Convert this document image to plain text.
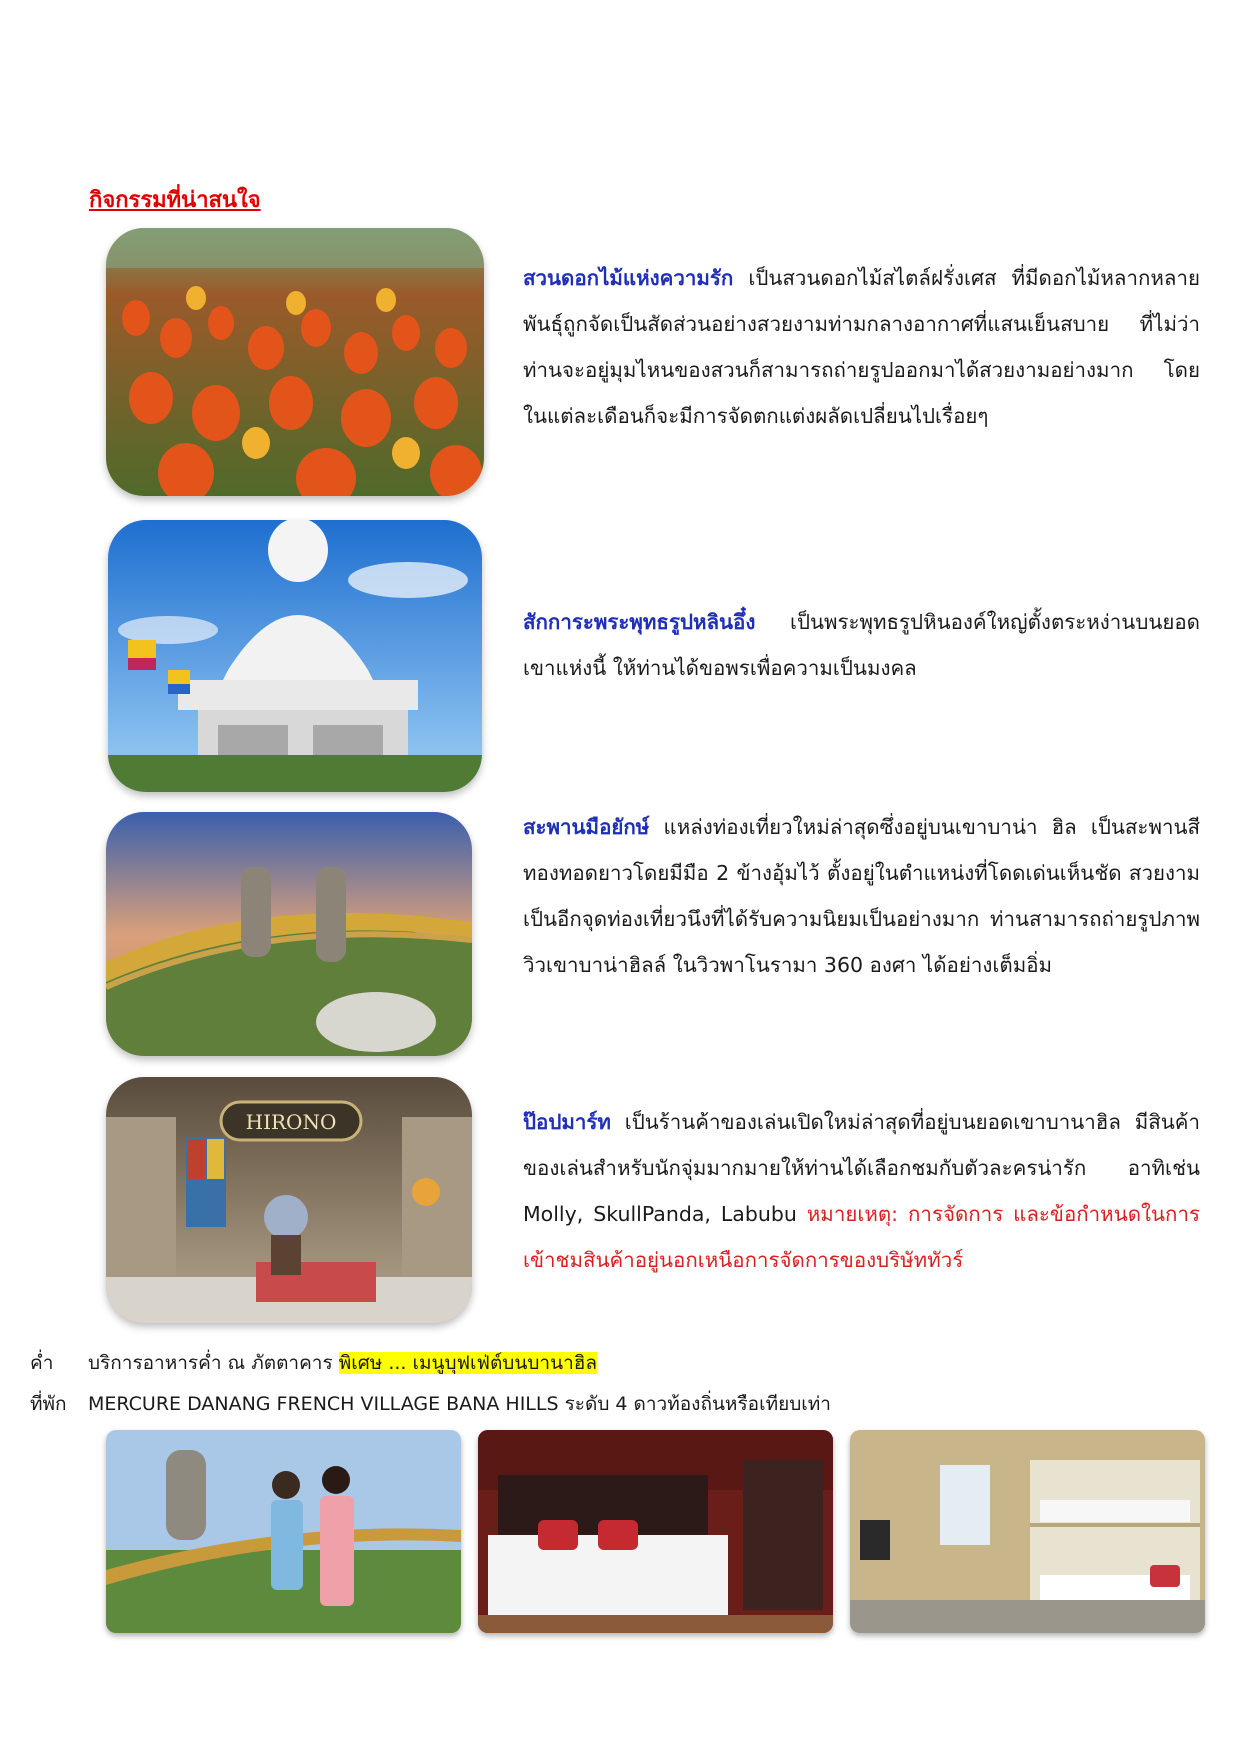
กิจกรรมที่น่าสนใจ
สวนดอกไม้แห่งความรัก เป็นสวนดอกไม้สไตล์ฝรั่งเศส ที่มีดอกไม้หลากหลายพันธุ์ถูกจัดเป็นสัดส่วนอย่างสวยงามท่ามกลางอากาศที่แสนเย็นสบาย ที่ไม่ว่าท่านจะอยู่มุมไหนของสวนก็สามารถถ่ายรูปออกมาได้สวยงามอย่างมาก โดยในแต่ละเดือนก็จะมีการจัดตกแต่งผลัดเปลี่ยนไปเรื่อยๆ
สักการะพระพุทธรูปหลินอึ๋ง เป็นพระพุทธรูปหินองค์ใหญ่ตั้งตระหง่านบนยอดเขาแห่งนี้ ให้ท่านได้ขอพรเพื่อความเป็นมงคล
สะพานมือยักษ์ แหล่งท่องเที่ยวใหม่ล่าสุดซึ่งอยู่บนเขาบาน่า ฮิล เป็นสะพานสีทองทอดยาวโดยมีมือ 2 ข้างอุ้มไว้ ตั้งอยู่ในตำแหน่งที่โดดเด่นเห็นชัด สวยงามเป็นอีกจุดท่องเที่ยวนึงที่ได้รับความนิยมเป็นอย่างมาก ท่านสามารถถ่ายรูปภาพวิวเขาบาน่าฮิลล์ ในวิวพาโนรามา 360 องศา ได้อย่างเต็มอิ่ม
HIRONO	ป๊อปมาร์ท เป็นร้านค้าของเล่นเปิดใหม่ล่าสุดที่อยู่บนยอดเขาบานาฮิล มีสินค้าของเล่นสำหรับนักจุ่มมากมายให้ท่านได้เลือกชมกับตัวละครน่ารัก อาทิเช่น Molly, SkullPanda, Labubu หมายเหตุ: การจัดการ และข้อกำหนดในการเข้าชมสินค้าอยู่นอกเหนือการจัดการของบริษัททัวร์
ค่ำ บริการอาหารค่ำ ณ ภัตตาคาร พิเศษ ... เมนูบุฟเฟ่ต์บนบานาฮิล
ที่พัก MERCURE DANANG FRENCH VILLAGE BANA HILLS ระดับ 4 ดาวท้องถิ่นหรือเทียบเท่า
